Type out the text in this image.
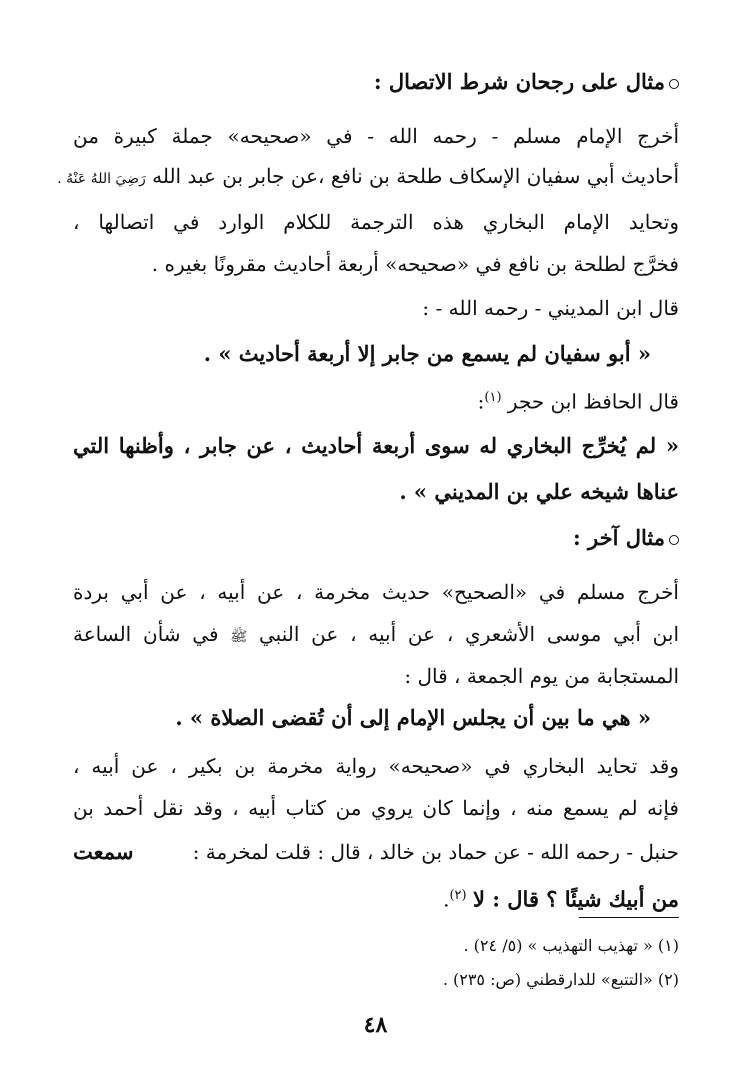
مثال على رجحان شرط الاتصال :
أخرج الإمام مسلم - رحمه الله - في «صحيحه» جملة كبيرة من
أحاديث أبي سفيان الإسكاف طلحة بن نافع ،عن جابر بن عبد الله رَضِيَ اللهُ عَنْهُ .
وتحايد الإمام البخاري هذه الترجمة للكلام الوارد في اتصالها ،
فخرَّج لطلحة بن نافع في «صحيحه» أربعة أحاديث مقرونًا بغيره .
قال ابن المديني - رحمه الله - :
« أبو سفيان لم يسمع من جابر إلا أربعة أحاديث » .
قال الحافظ ابن حجر $^{(١)}$:
« لم يُخرِّج البخاري له سوى أربعة أحاديث ، عن جابر ، وأظنها التي
عناها شيخه علي بن المديني » .
مثال آخر :
أخرج مسلم في «الصحيح» حديث مخرمة ، عن أبيه ، عن أبي بردة
ابن أبي موسى الأشعري ، عن أبيه ، عن النبي ﷺ في شأن الساعة
المستجابة من يوم الجمعة ، قال :
« هي ما بين أن يجلس الإمام إلى أن تُقضى الصلاة » .
وقد تحايد البخاري في «صحيحه» رواية مخرمة بن بكير ، عن أبيه ،
فإنه لم يسمع منه ، وإنما كان يروي من كتاب أبيه ، وقد نقل أحمد بن
حنبل - رحمه الله - عن حماد بن خالد ، قال : قلت لمخرمة :
سمعت
من أبيك شيئًا ؟ قال : لا $^{(٢)}$.
(١) « تهذيب التهذيب » (٥/ ٢٤) .
(٢) «التتبع» للدارقطني (ص: ٢٣٥) .
٤٨
